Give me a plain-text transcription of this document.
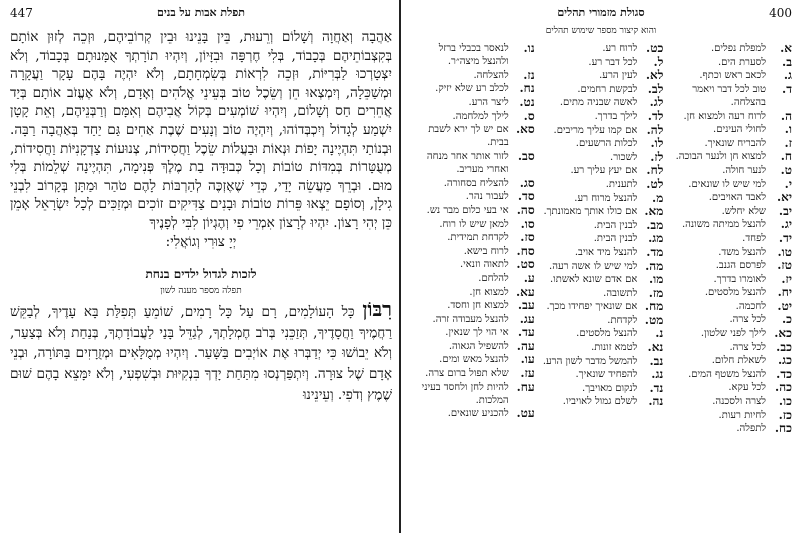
447	תפלת אבות על בנים
אַהֲבָה וְאַחֲוָה וְשָׁלוֹם וְרֵעוּת, בֵּין בָּנֵינוּ וּבֵין קְרוֹבֵיהֶם, וּזְכֵה לְזוּן אוֹתָם בְּקִצְבוֹתֵיהֶם בְּכָבוֹד, בְּלִי חֶרְפָּה וּבִזָּיוֹן, וְיִהְיוּ תוֹרָתְךָ אֻמָּנוּתָם בְּכָבוֹד, וְלֹא יִצְטָרְכוּ לַבְּרִיּוֹת, וּזְכֵה לִרְאוֹת בְּשִׂמְחָתָם, וְלֹא יִהְיֶה בָּהֶם עָקָר וַעֲקָרָה וּמְשַׁכֵּלָה, וְיִמְצְאוּ חֵן וְשֵׂכֶל טוֹב בְּעֵינֵי אֱלֹהִים וְאָדָם, וְלֹא אֶעֱזֹב אוֹתָם בְּיַד אֲחֵרִים חַס וְשָׁלוֹם, וְיִהְיוּ שׁוֹמְעִים בְּקוֹל אֲבִיהֶם וְאִמָּם וְרַבְּנֵיהֶם, וְאֵת קָטָן יִשְׁמַע לְגָדוֹל וְיִכְבְּדוֹהוּ, וְיִהְיֶה טוֹב וְנָעִים שֶׁבֶת אַחִים גַּם יַחַד בְּאַהֲבָה רַבָּה. וּבְנוֹתַי תִּהְיֶינָה יָפוֹת וּנְאוֹת וּבַעֲלוֹת שֵׂכֶל וַחֲסִידוֹת, צְנוּעוֹת צַדְקָנִיּוֹת וַחֲסִידוֹת, מְעֻטָּרוֹת בְּמִדּוֹת טוֹבוֹת וְכָל כְּבוּדָּה בַת מֶלֶךְ פְּנִימָה, תִּהְיֶינָה שְׁלֵמוֹת בְּלִי מוּם. וּבְרֵךְ מַעֲשֵׂה יָדַי, כְּדֵי שֶׁאֶזְכֶּה לְהַרְבּוֹת לָהֶם טֹהַר וּמַתָּן בְּקָרוֹב לִבְנֵי גִילָן, וְסוֹפָם יֵצְאוּ פֵּרוֹת טוֹבוֹת וּבָנִים צַדִּיקִים זוֹכִים וּמְזַכִּים לְכָל יִשְׂרָאֵל אָמֵן כֵּן יְהִי רָצוֹן. יִהְיוּ לְרָצוֹן אִמְרֵי פִי וְהֶגְיוֹן לִבִּי לְפָנֶיךָ
יְיָ צוּרִי וְגוֹאֲלִי:
לזכות לגדול ילדים בנחת
תפלה מספר מענה לשון
רִבּוֹן כָּל הָעוֹלָמִים, רָם עַל כָּל רָמִים, שׁוֹמֵעַ תְּפִלַּת בָּא עָדֶיךָ, לְבַקֵּשׁ רַחֲמֶיךָ וַחֲסָדֶיךָ, תְּזַכֵּנִי בְּרֹב חֶמְלָתְךָ, לְגַדֵּל בָּנַי לַעֲבוֹדָתֶךָ, בְּנַחַת וְלֹא בְּצַעַר, וְלֹא יֵבוֹשׁוּ כִּי יְדַבְּרוּ אֶת אוֹיְבִים בַּשָּׁעַר. וְיִהְיוּ מְמֻלָּאִים וּמְזֻרָזִים בַּתּוֹרָה, וּבְנֵי אָדָם שֶׁל צוּרָה. וְיִתְפַּרְנְסוּ מִתַּחַת יָדְךָ בִּנְקִיּוּת וּבְשִׁפְעִי, וְלֹא יִמָּצֵא בָהֶם שׁוּם שֶׁמֶץ וְדֹפִי. וְעֵינֵינוּ
400
סגולת מזמורי תהלים
והוא קיצור מספר שימוש תהלים
א.
למפלת נפלים.
ב.
לסערת הים.
ג.
לכאב ראש וכתף.
ד.
טוב לכל דבר ויאמר בהצלחה.
ה.
לרוח רעה ולמצוא חן.
ו.
לחולי העינים.
ז.
להבריח שונאיך.
ח.
למצוא חן ולנער הבוכה.
ט.
לנער חולה.
י.
למי שיש לו שונאים.
יא.
לאבד האויבים.
יב.
שלא יחלש.
יג.
להנצל ממיתה משונה.
יד.
לפחד.
טו.
להנצל משד.
טז.
לפרסם הגנב.
יז.
לאומרו בדרך.
יח.
להנצל מלסטים.
יט.
לחכמה.
כ.
לכל צרה.
כא.
לילך לפני שלטון.
כב.
לכל צרה.
כג.
לשאלת חלום.
כד.
להנצל משטף המים.
כה.
לכל עקא.
כו.
לצרה ולסכנה.
כז.
לחיות רעות.
כח.
לתפלה.
כט.
לרוח רע.
ל.
לכל דבר רע.
לא.
לעין הרע.
לב.
לבקשת רחמים.
לג.
לאשה שבניה מתים.
לד.
לילך בדרך.
לה.
אם קמו עליך מריבים.
לו.
לכלות הרשעים.
לז.
לשכור.
לח.
אם יעץ עליך רע.
לט.
לתענית.
מ.
להנצל מרוח רע.
מא.
אם כולו אותך מאמונתך.
מב.
לבנין הבית.
מג.
לבנין הבית.
מד.
להנצל מיד אויב.
מה.
למי שיש לו אשה רעה.
מו.
אם אדם שונא לאשתו.
מז.
לתשובה.
מח.
אם שונאיך יפחידו מכך.
מט.
לקדחת.
נ.
להנצל מלסטים.
נא.
לטמא זונות.
נב.
להמשל מדבר לשון הרע.
נג.
להפחיד שונאיך.
נד.
לנקום מאויבך.
נה.
לשלם גמול לאויביו.
נו.
לנאסר בכבלי ברזל ולהנצל מיצה״ר.
נז.
להצלחה.
נח.
לכלב רע שלא יזיק.
נט.
ליצר הרע.
ס.
לילך למלחמה.
סא.
אם יש לך ירא לשבת בבית.
סב.
לזור אותר אחר מנחה ואחרי מעריב.
סג.
להצליח בסחורה.
סד.
לעבור נהר.
סה.
אי בעי כלום מבר נש.
סו.
למאן שיש לו רוח.
סז.
לקדחת תמידית.
סח.
לרוח בישא.
סט.
לתאוה וזנאי.
ע.
להלחם.
עא.
למצוא חן.
עב.
למצוא חן וחסד.
עג.
להנצל מעבודה זרה.
עד.
אי הוי לך שנאין.
עה.
להשפיל הגאוה.
עו.
להנצל מאש ומים.
עז.
שלא תפול ברום צרה.
עח.
להיות לחן ולחסד בעיני המלכות.
עט.
להכניע שונאים.
